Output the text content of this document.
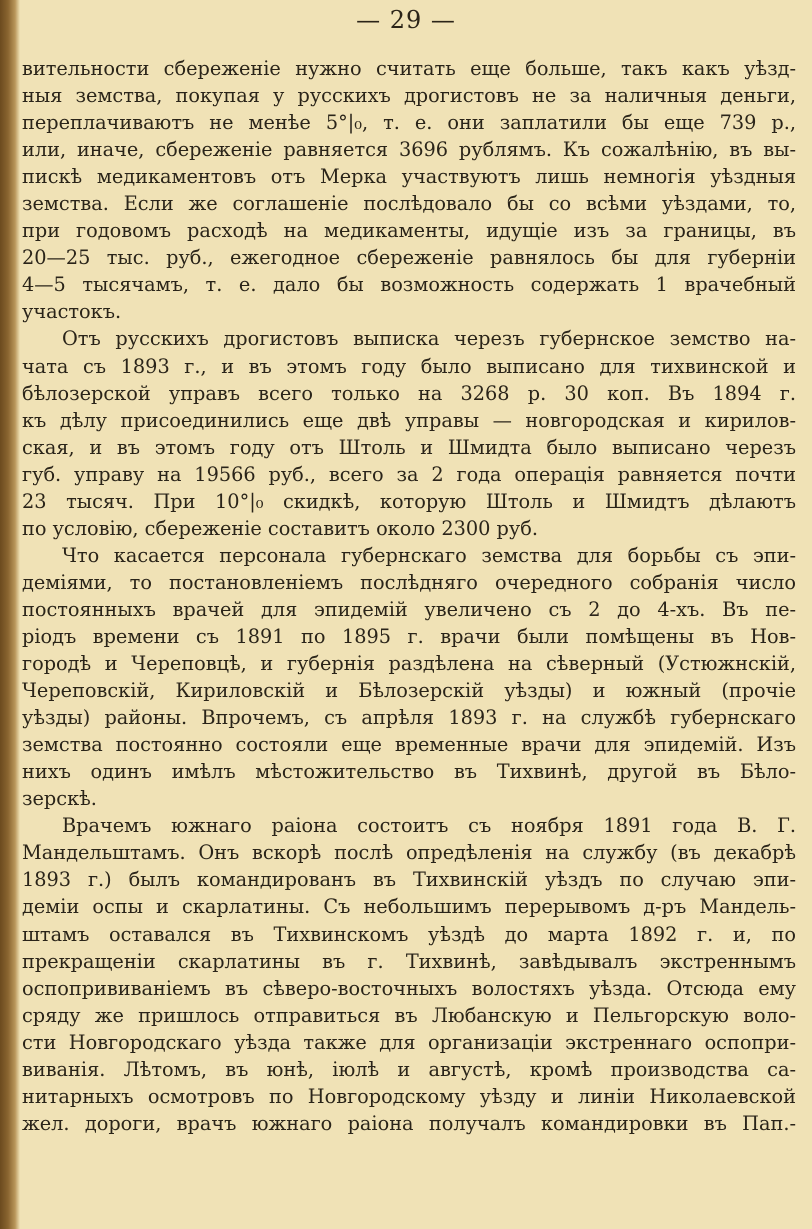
— 29 —
вительности сбереженіе нужно считать еще больше, такъ какъ уѣзд-
ныя земства, покупая у русскихъ дрогистовъ не за наличныя деньги,
переплачиваютъ не менѣе 5°|₀, т. е. они заплатили бы еще 739 р.,
или, иначе, сбереженіе равняется 3696 рублямъ. Къ сожалѣнію, въ вы-
пискѣ медикаментовъ отъ Мерка участвуютъ лишь немногія уѣздныя
земства. Если же соглашеніе послѣдовало бы со всѣми уѣздами, то,
при годовомъ расходѣ на медикаменты, идущіе изъ за границы, въ
20—25 тыс. руб., ежегодное сбереженіе равнялось бы для губерніи
4—5 тысячамъ, т. е. дало бы возможность содержать 1 врачебный
участокъ.
Отъ русскихъ дрогистовъ выписка черезъ губернское земство на-
чата съ 1893 г., и въ этомъ году было выписано для тихвинской и
бѣлозерской управъ всего только на 3268 р. 30 коп. Въ 1894 г.
къ дѣлу присоединились еще двѣ управы — новгородская и кирилов-
ская, и въ этомъ году отъ Штоль и Шмидта было выписано черезъ
губ. управу на 19566 руб., всего за 2 года операція равняется почти
23 тысяч. При 10°|₀ скидкѣ, которую Штоль и Шмидтъ дѣлаютъ
по условію, сбереженіе составитъ около 2300 руб.
Что касается персонала губернскаго земства для борьбы съ эпи-
деміями, то постановленіемъ послѣдняго очередного собранія число
постоянныхъ врачей для эпидемій увеличено съ 2 до 4-хъ. Въ пе-
ріодъ времени съ 1891 по 1895 г. врачи были помѣщены въ Нов-
городѣ и Череповцѣ, и губернія раздѣлена на сѣверный (Устюжнскій,
Череповскій, Кириловскій и Бѣлозерскій уѣзды) и южный (прочіе
уѣзды) районы. Впрочемъ, съ апрѣля 1893 г. на службѣ губернскаго
земства постоянно состояли еще временные врачи для эпидемій. Изъ
нихъ одинъ имѣлъ мѣстожительство въ Тихвинѣ, другой въ Бѣло-
зерскѣ.
Врачемъ южнаго раіона состоитъ съ ноября 1891 года В. Г.
Мандельштамъ. Онъ вскорѣ послѣ опредѣленія на службу (въ декабрѣ
1893 г.) былъ командированъ въ Тихвинскій уѣздъ по случаю эпи-
деміи оспы и скарлатины. Съ небольшимъ перерывомъ д-ръ Мандель-
штамъ оставался въ Тихвинскомъ уѣздѣ до марта 1892 г. и, по
прекращеніи скарлатины въ г. Тихвинѣ, завѣдывалъ экстреннымъ
оспопрививаніемъ въ сѣверо-восточныхъ волостяхъ уѣзда. Отсюда ему
сряду же пришлось отправиться въ Любанскую и Пельгорскую воло-
сти Новгородскаго уѣзда также для организаціи экстреннаго оспопри-
виванія. Лѣтомъ, въ юнѣ, іюлѣ и августѣ, кромѣ производства са-
нитарныхъ осмотровъ по Новгородскому уѣзду и линіи Николаевской
жел. дороги, врачъ южнаго раіона получалъ командировки въ Пап.-
